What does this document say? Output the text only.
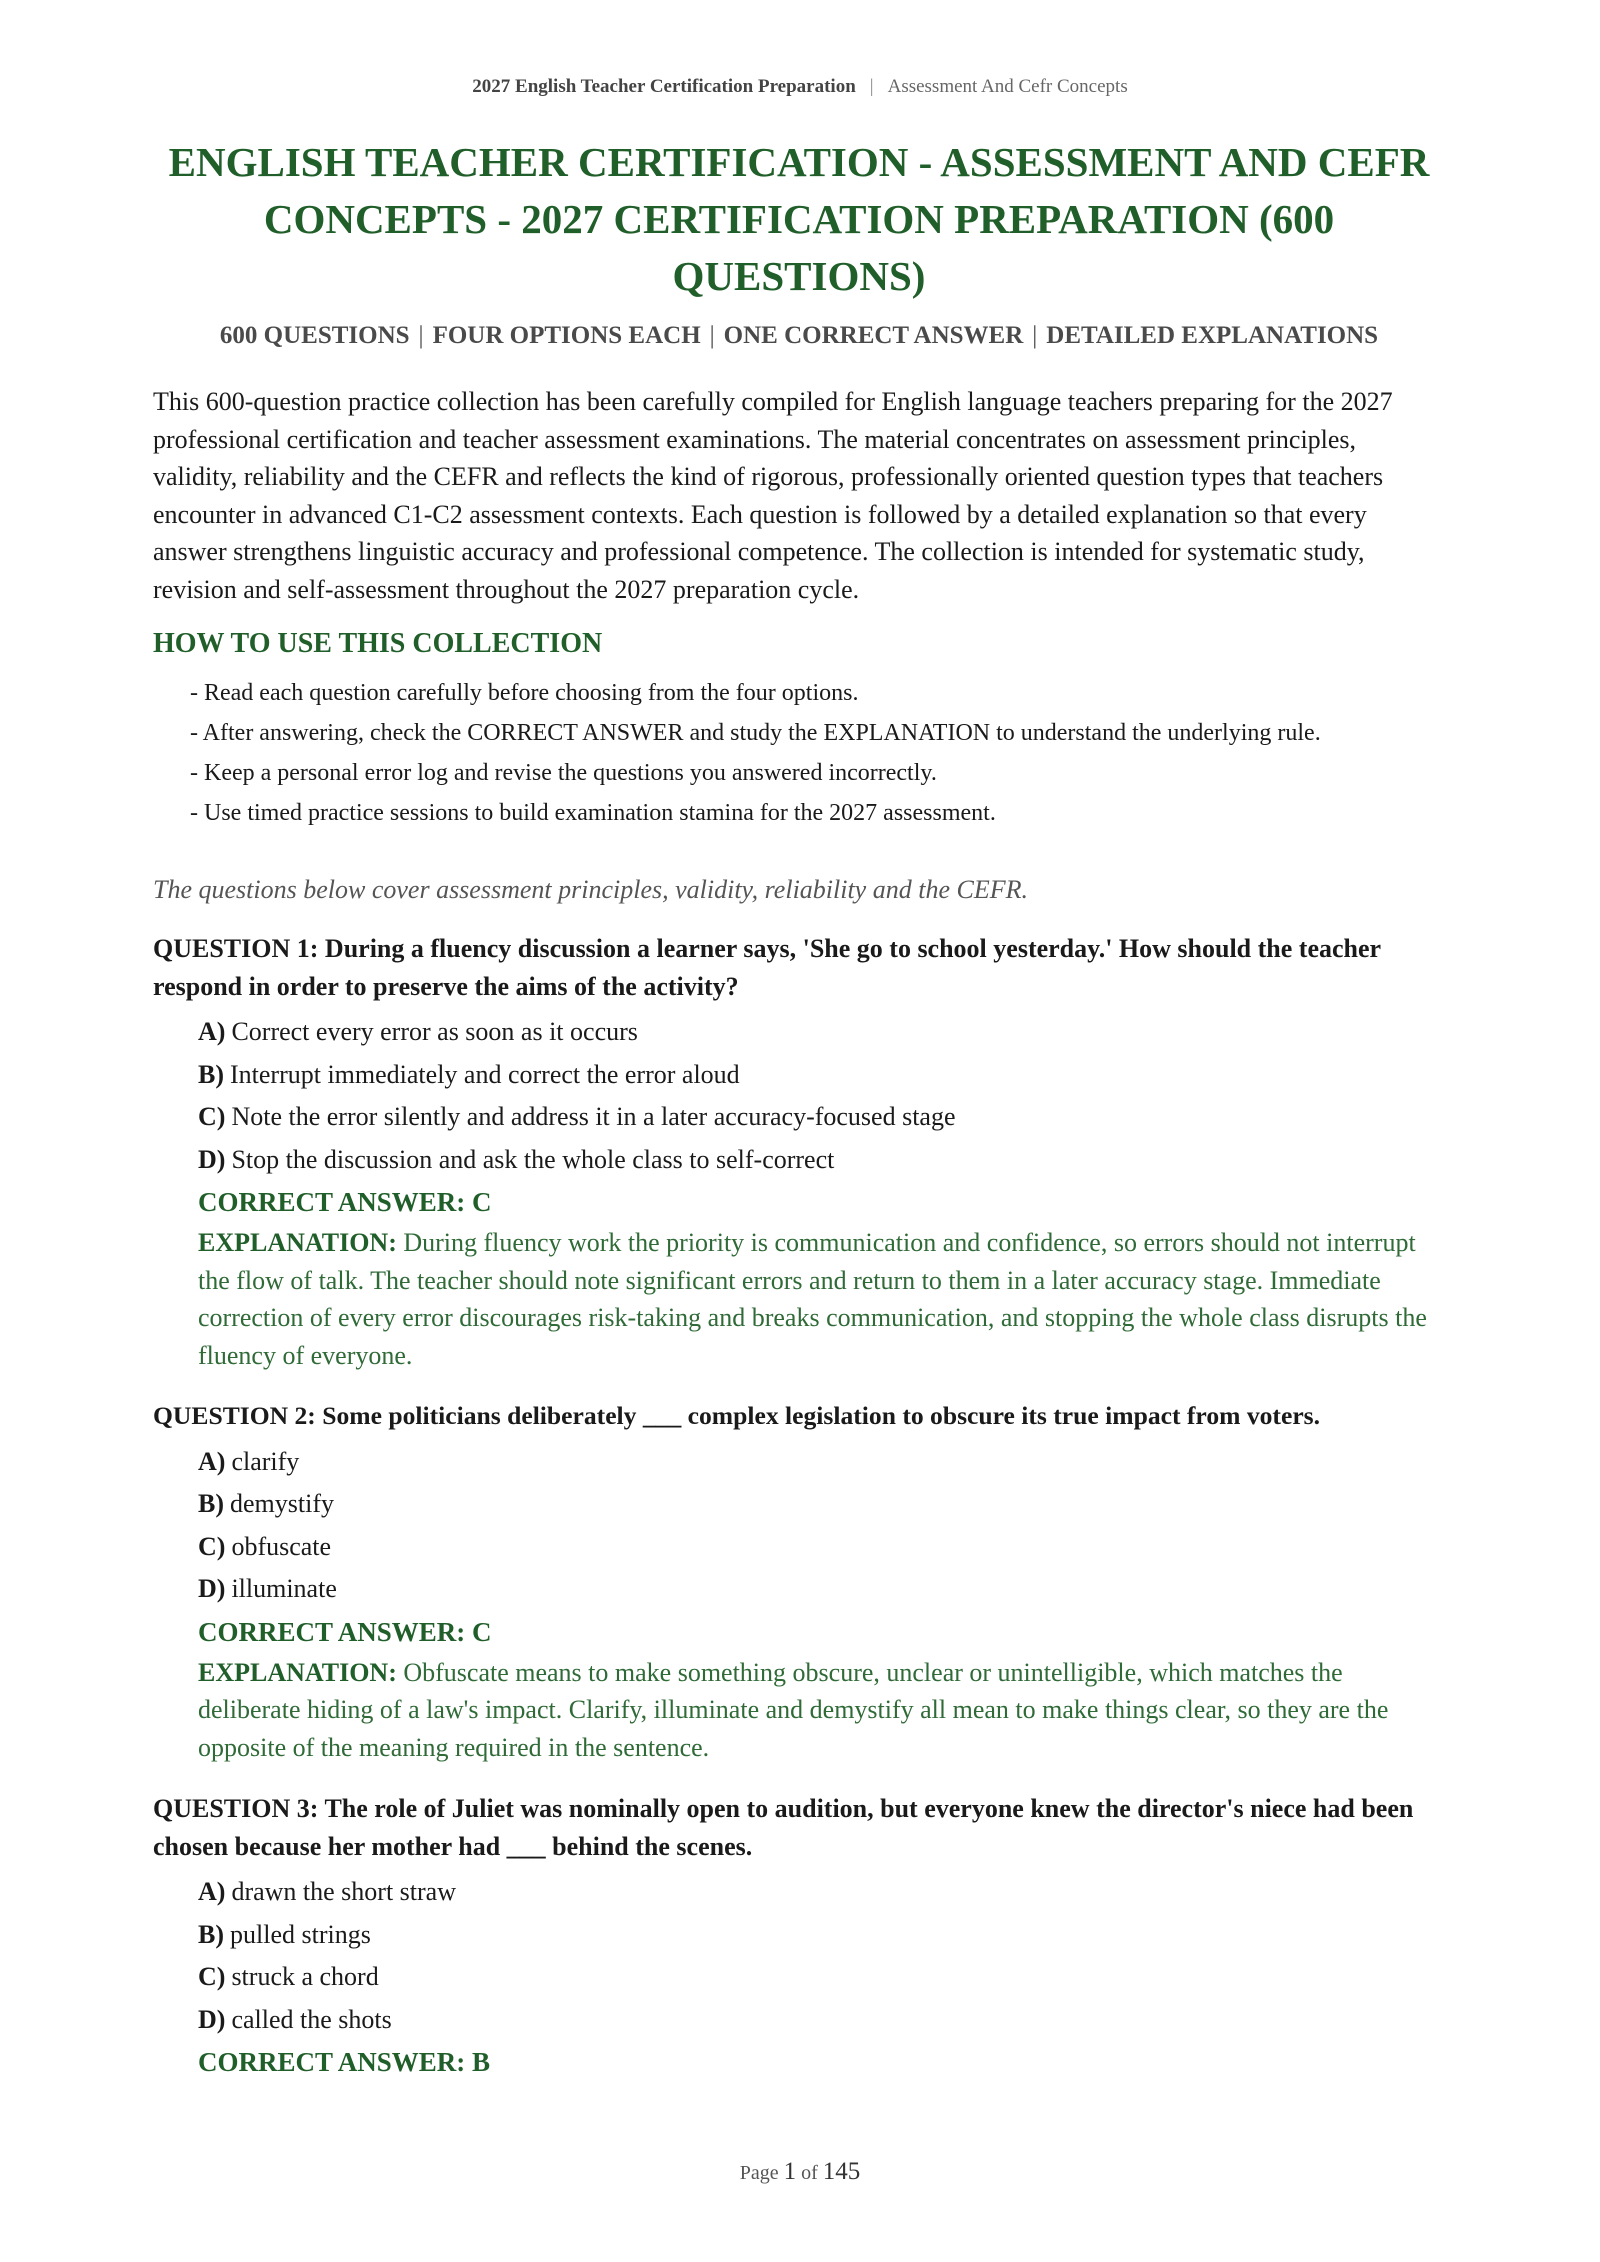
2027 English Teacher Certification Preparation | Assessment And Cefr Concepts
ENGLISH TEACHER CERTIFICATION - ASSESSMENT AND CEFR CONCEPTS - 2027 CERTIFICATION PREPARATION (600 QUESTIONS)
600 QUESTIONS | FOUR OPTIONS EACH | ONE CORRECT ANSWER | DETAILED EXPLANATIONS

This 600-question practice collection has been carefully compiled for English language teachers preparing for the 2027 professional certification and teacher assessment examinations. The material concentrates on assessment principles, validity, reliability and the CEFR and reflects the kind of rigorous, professionally oriented question types that teachers encounter in advanced C1-C2 assessment contexts. Each question is followed by a detailed explanation so that every answer strengthens linguistic accuracy and professional competence. The collection is intended for systematic study, revision and self-assessment throughout the 2027 preparation cycle.

HOW TO USE THIS COLLECTION
- Read each question carefully before choosing from the four options.
- After answering, check the CORRECT ANSWER and study the EXPLANATION to understand the underlying rule.
- Keep a personal error log and revise the questions you answered incorrectly.
- Use timed practice sessions to build examination stamina for the 2027 assessment.

The questions below cover assessment principles, validity, reliability and the CEFR.

QUESTION 1: During a fluency discussion a learner says, 'She go to school yesterday.' How should the teacher respond in order to preserve the aims of the activity?

A) Correct every error as soon as it occurs
B) Interrupt immediately and correct the error aloud
C) Note the error silently and address it in a later accuracy-focused stage
D) Stop the discussion and ask the whole class to self-correct
CORRECT ANSWER: C

EXPLANATION: During fluency work the priority is communication and confidence, so errors should not interrupt the flow of talk. The teacher should note significant errors and return to them in a later accuracy stage. Immediate correction of every error discourages risk-taking and breaks communication, and stopping the whole class disrupts the fluency of everyone.

QUESTION 2: Some politicians deliberately ___ complex legislation to obscure its true impact from voters.

A) clarify
B) demystify
C) obfuscate
D) illuminate
CORRECT ANSWER: C

EXPLANATION: Obfuscate means to make something obscure, unclear or unintelligible, which matches the deliberate hiding of a law's impact. Clarify, illuminate and demystify all mean to make things clear, so they are the opposite of the meaning required in the sentence.

QUESTION 3: The role of Juliet was nominally open to audition, but everyone knew the director's niece had been chosen because her mother had ___ behind the scenes.

A) drawn the short straw
B) pulled strings
C) struck a chord
D) called the shots
CORRECT ANSWER: B
Page 1 of 145
